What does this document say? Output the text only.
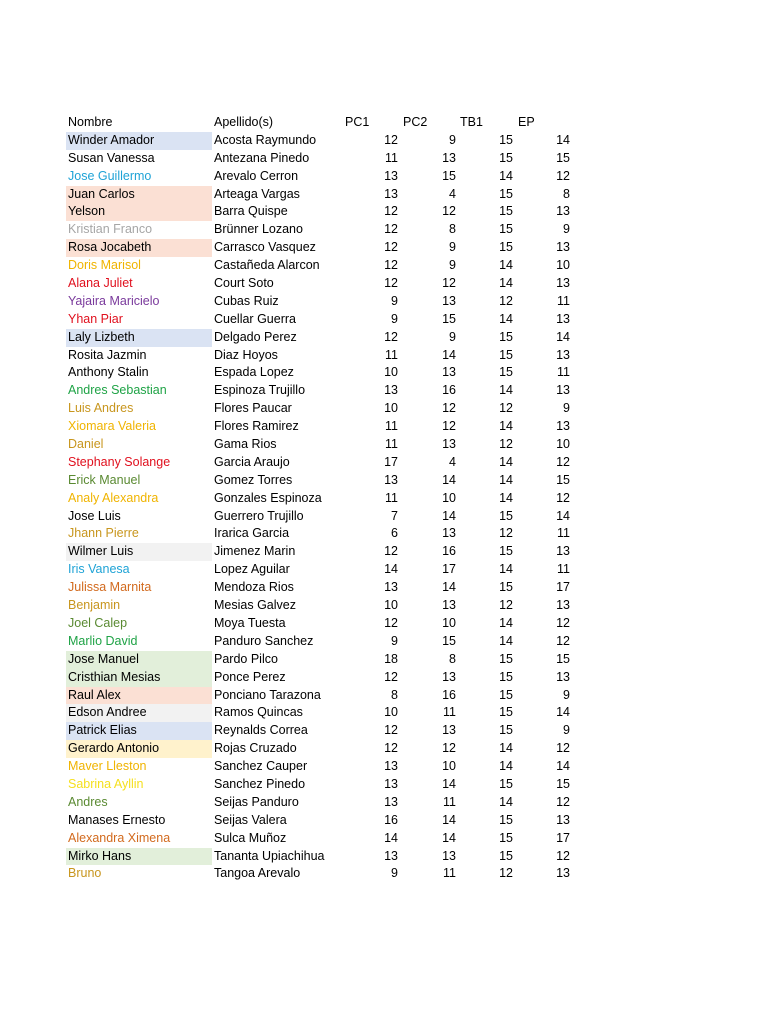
Nombre	Apellido(s)	PC1	PC2	TB1	EP
Winder Amador	Acosta Raymundo	12	9	15	14
Susan Vanessa	Antezana Pinedo	11	13	15	15
Jose Guillermo	Arevalo Cerron	13	15	14	12
Juan Carlos	Arteaga Vargas	13	4	15	8
Yelson	Barra Quispe	12	12	15	13
Kristian Franco	Brünner Lozano	12	8	15	9
Rosa Jocabeth	Carrasco Vasquez	12	9	15	13
Doris Marisol	Castañeda Alarcon	12	9	14	10
Alana Juliet	Court Soto	12	12	14	13
Yajaira Maricielo	Cubas Ruiz	9	13	12	11
Yhan Piar	Cuellar Guerra	9	15	14	13
Laly Lizbeth	Delgado Perez	12	9	15	14
Rosita Jazmin	Diaz Hoyos	11	14	15	13
Anthony Stalin	Espada Lopez	10	13	15	11
Andres Sebastian	Espinoza Trujillo	13	16	14	13
Luis Andres	Flores Paucar	10	12	12	9
Xiomara Valeria	Flores Ramirez	11	12	14	13
Daniel	Gama Rios	11	13	12	10
Stephany Solange	Garcia Araujo	17	4	14	12
Erick Manuel	Gomez Torres	13	14	14	15
Analy Alexandra	Gonzales Espinoza	11	10	14	12
Jose Luis	Guerrero Trujillo	7	14	15	14
Jhann Pierre	Irarica Garcia	6	13	12	11
Wilmer Luis	Jimenez Marin	12	16	15	13
Iris Vanesa	Lopez Aguilar	14	17	14	11
Julissa Marnita	Mendoza Rios	13	14	15	17
Benjamin	Mesias Galvez	10	13	12	13
Joel Calep	Moya Tuesta	12	10	14	12
Marlio David	Panduro Sanchez	9	15	14	12
Jose Manuel	Pardo Pilco	18	8	15	15
Cristhian Mesias	Ponce Perez	12	13	15	13
Raul Alex	Ponciano Tarazona	8	16	15	9
Edson Andree	Ramos Quincas	10	11	15	14
Patrick Elias	Reynalds Correa	12	13	15	9
Gerardo Antonio	Rojas Cruzado	12	12	14	12
Maver Lleston	Sanchez Cauper	13	10	14	14
Sabrina Ayllin	Sanchez Pinedo	13	14	15	15
Andres	Seijas Panduro	13	11	14	12
Manases Ernesto	Seijas Valera	16	14	15	13
Alexandra Ximena	Sulca Muñoz	14	14	15	17
Mirko Hans	Tananta Upiachihua	13	13	15	12
Bruno	Tangoa Arevalo	9	11	12	13
